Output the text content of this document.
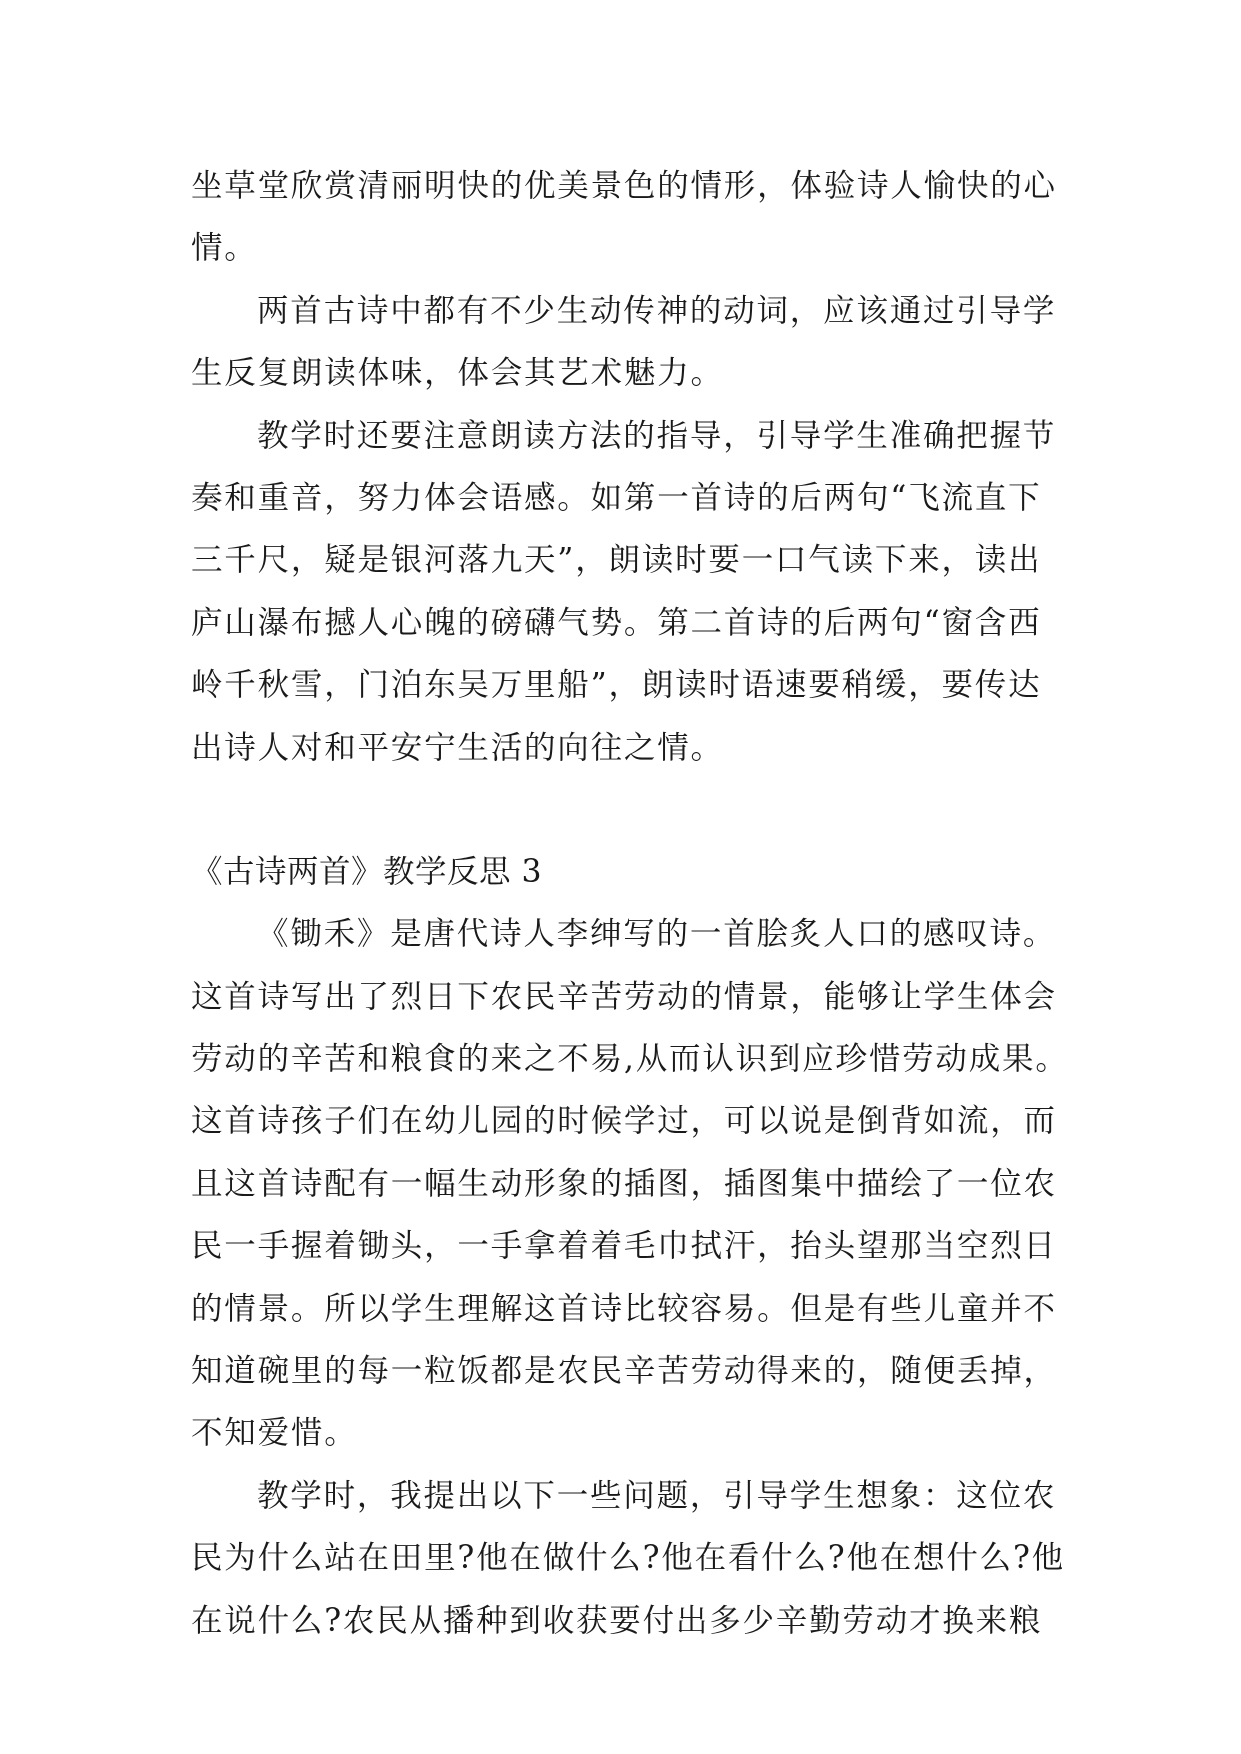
坐草堂欣赏清丽明快的优美景色的情形，体验诗人愉快的心
情。
两首古诗中都有不少生动传神的动词，应该通过引导学
生反复朗读体味，体会其艺术魅力。
教学时还要注意朗读方法的指导，引导学生准确把握节
奏和重音，努力体会语感。如第一首诗的后两句“飞流直下
三千尺，疑是银河落九天”，朗读时要一口气读下来，读出
庐山瀑布撼人心魄的磅礴气势。第二首诗的后两句“窗含西
岭千秋雪，门泊东吴万里船”，朗读时语速要稍缓，要传达
出诗人对和平安宁生活的向往之情。
《古诗两首》教学反思 3
《锄禾》是唐代诗人李绅写的一首脍炙人口的感叹诗。
这首诗写出了烈日下农民辛苦劳动的情景，能够让学生体会
劳动的辛苦和粮食的来之不易,从而认识到应珍惜劳动成果。
这首诗孩子们在幼儿园的时候学过，可以说是倒背如流，而
且这首诗配有一幅生动形象的插图，插图集中描绘了一位农
民一手握着锄头，一手拿着着毛巾拭汗，抬头望那当空烈日
的情景。所以学生理解这首诗比较容易。但是有些儿童并不
知道碗里的每一粒饭都是农民辛苦劳动得来的，随便丢掉，
不知爱惜。
教学时，我提出以下一些问题，引导学生想象：这位农
民为什么站在田里?他在做什么?他在看什么?他在想什么?他
在说什么?农民从播种到收获要付出多少辛勤劳动才换来粮
